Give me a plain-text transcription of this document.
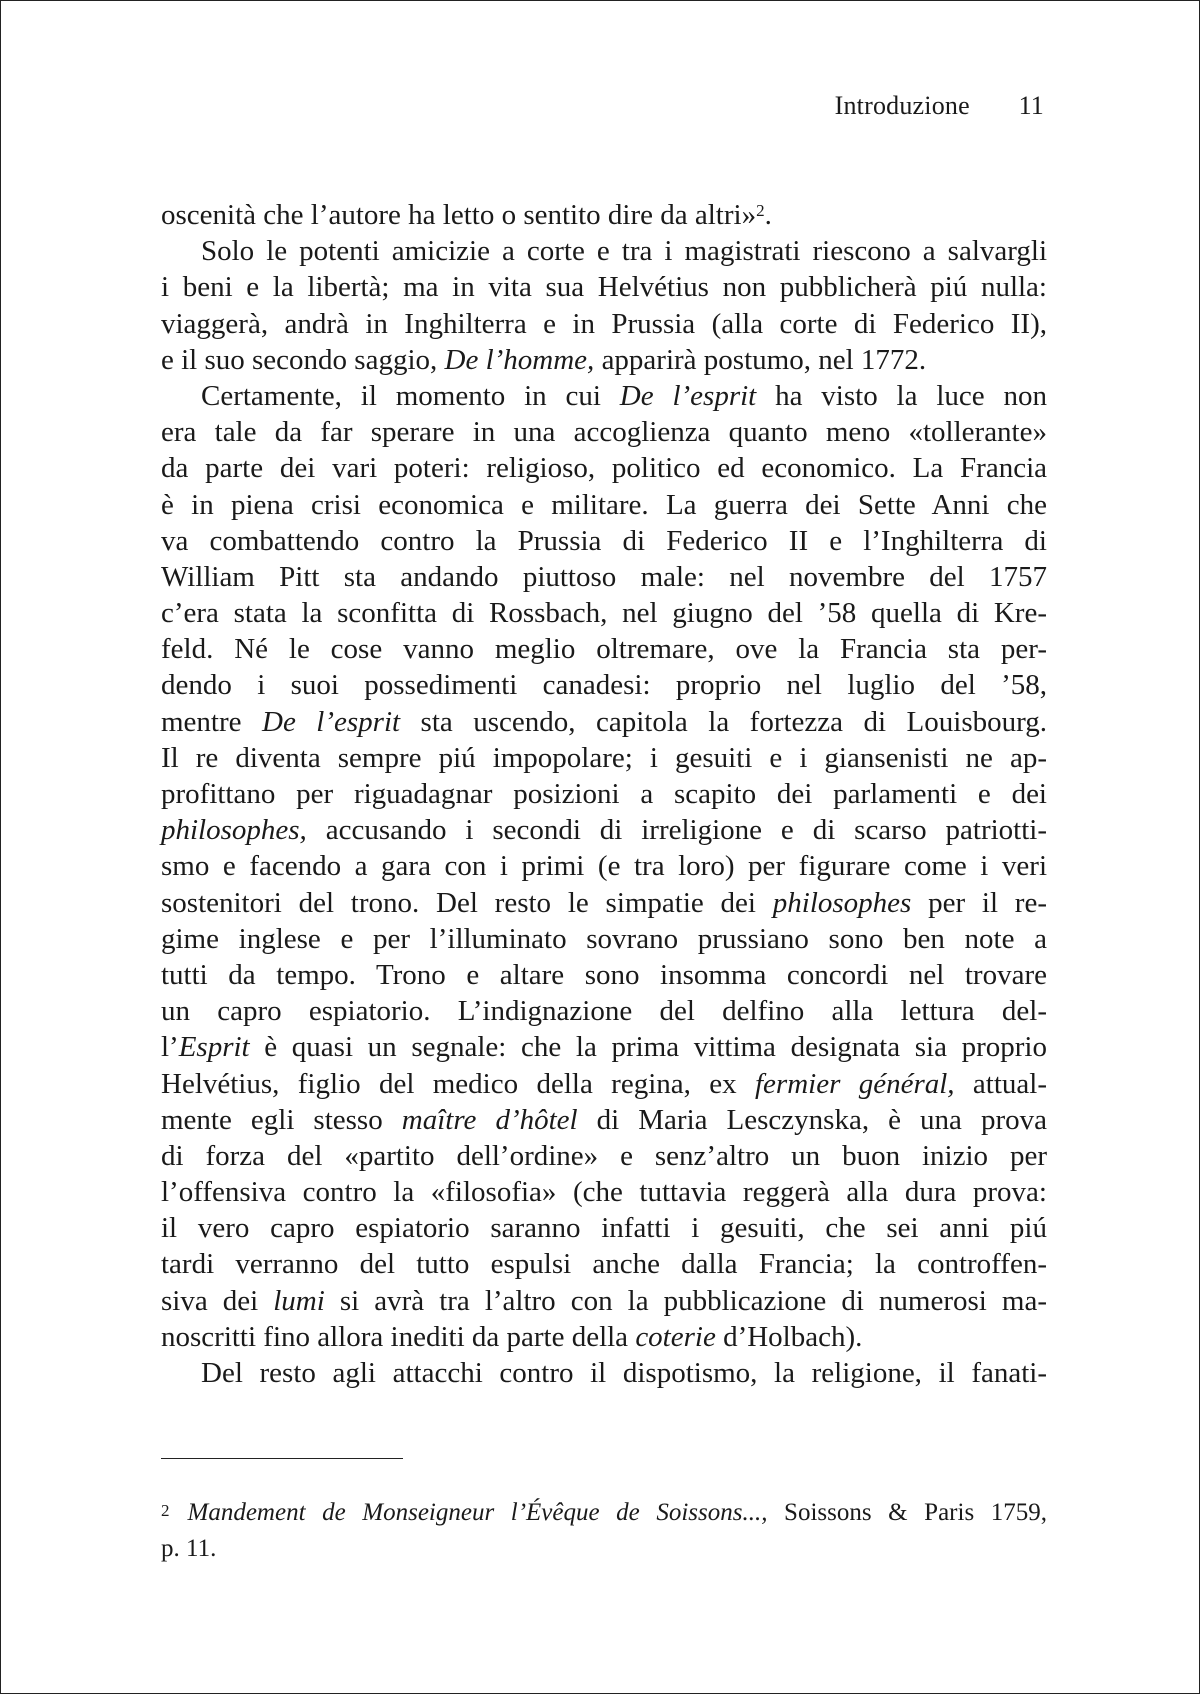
Introduzione 11
oscenità che l’autore ha letto o sentito dire da altri»$^2$.
Solo le potenti amicizie a corte e tra i magistrati riescono a salvargli
i beni e la libertà; ma in vita sua Helvétius non pubblicherà piú nulla:
viaggerà, andrà in Inghilterra e in Prussia (alla corte di Federico II),
e il suo secondo saggio, De l’homme, apparirà postumo, nel 1772.
Certamente, il momento in cui De l’esprit ha visto la luce non
era tale da far sperare in una accoglienza quanto meno «tollerante»
da parte dei vari poteri: religioso, politico ed economico. La Francia
è in piena crisi economica e militare. La guerra dei Sette Anni che
va combattendo contro la Prussia di Federico II e l’Inghilterra di
William Pitt sta andando piuttoso male: nel novembre del 1757
c’era stata la sconfitta di Rossbach, nel giugno del ’58 quella di Kre-
feld. Né le cose vanno meglio oltremare, ove la Francia sta per-
dendo i suoi possedimenti canadesi: proprio nel luglio del ’58,
mentre De l’esprit sta uscendo, capitola la fortezza di Louisbourg.
Il re diventa sempre piú impopolare; i gesuiti e i giansenisti ne ap-
profittano per riguadagnar posizioni a scapito dei parlamenti e dei
philosophes, accusando i secondi di irreligione e di scarso patriotti-
smo e facendo a gara con i primi (e tra loro) per figurare come i veri
sostenitori del trono. Del resto le simpatie dei philosophes per il re-
gime inglese e per l’illuminato sovrano prussiano sono ben note a
tutti da tempo. Trono e altare sono insomma concordi nel trovare
un capro espiatorio. L’indignazione del delfino alla lettura del-
l’Esprit è quasi un segnale: che la prima vittima designata sia proprio
Helvétius, figlio del medico della regina, ex fermier général, attual-
mente egli stesso maître d’hôtel di Maria Lesczynska, è una prova
di forza del «partito dell’ordine» e senz’altro un buon inizio per
l’offensiva contro la «filosofia» (che tuttavia reggerà alla dura prova:
il vero capro espiatorio saranno infatti i gesuiti, che sei anni piú
tardi verranno del tutto espulsi anche dalla Francia; la controffen-
siva dei lumi si avrà tra l’altro con la pubblicazione di numerosi ma-
noscritti fino allora inediti da parte della coterie d’Holbach).
Del resto agli attacchi contro il dispotismo, la religione, il fanati-
$^2$ Mandement de Monseigneur l’Évêque de Soissons..., Soissons & Paris 1759,
p. 11.
